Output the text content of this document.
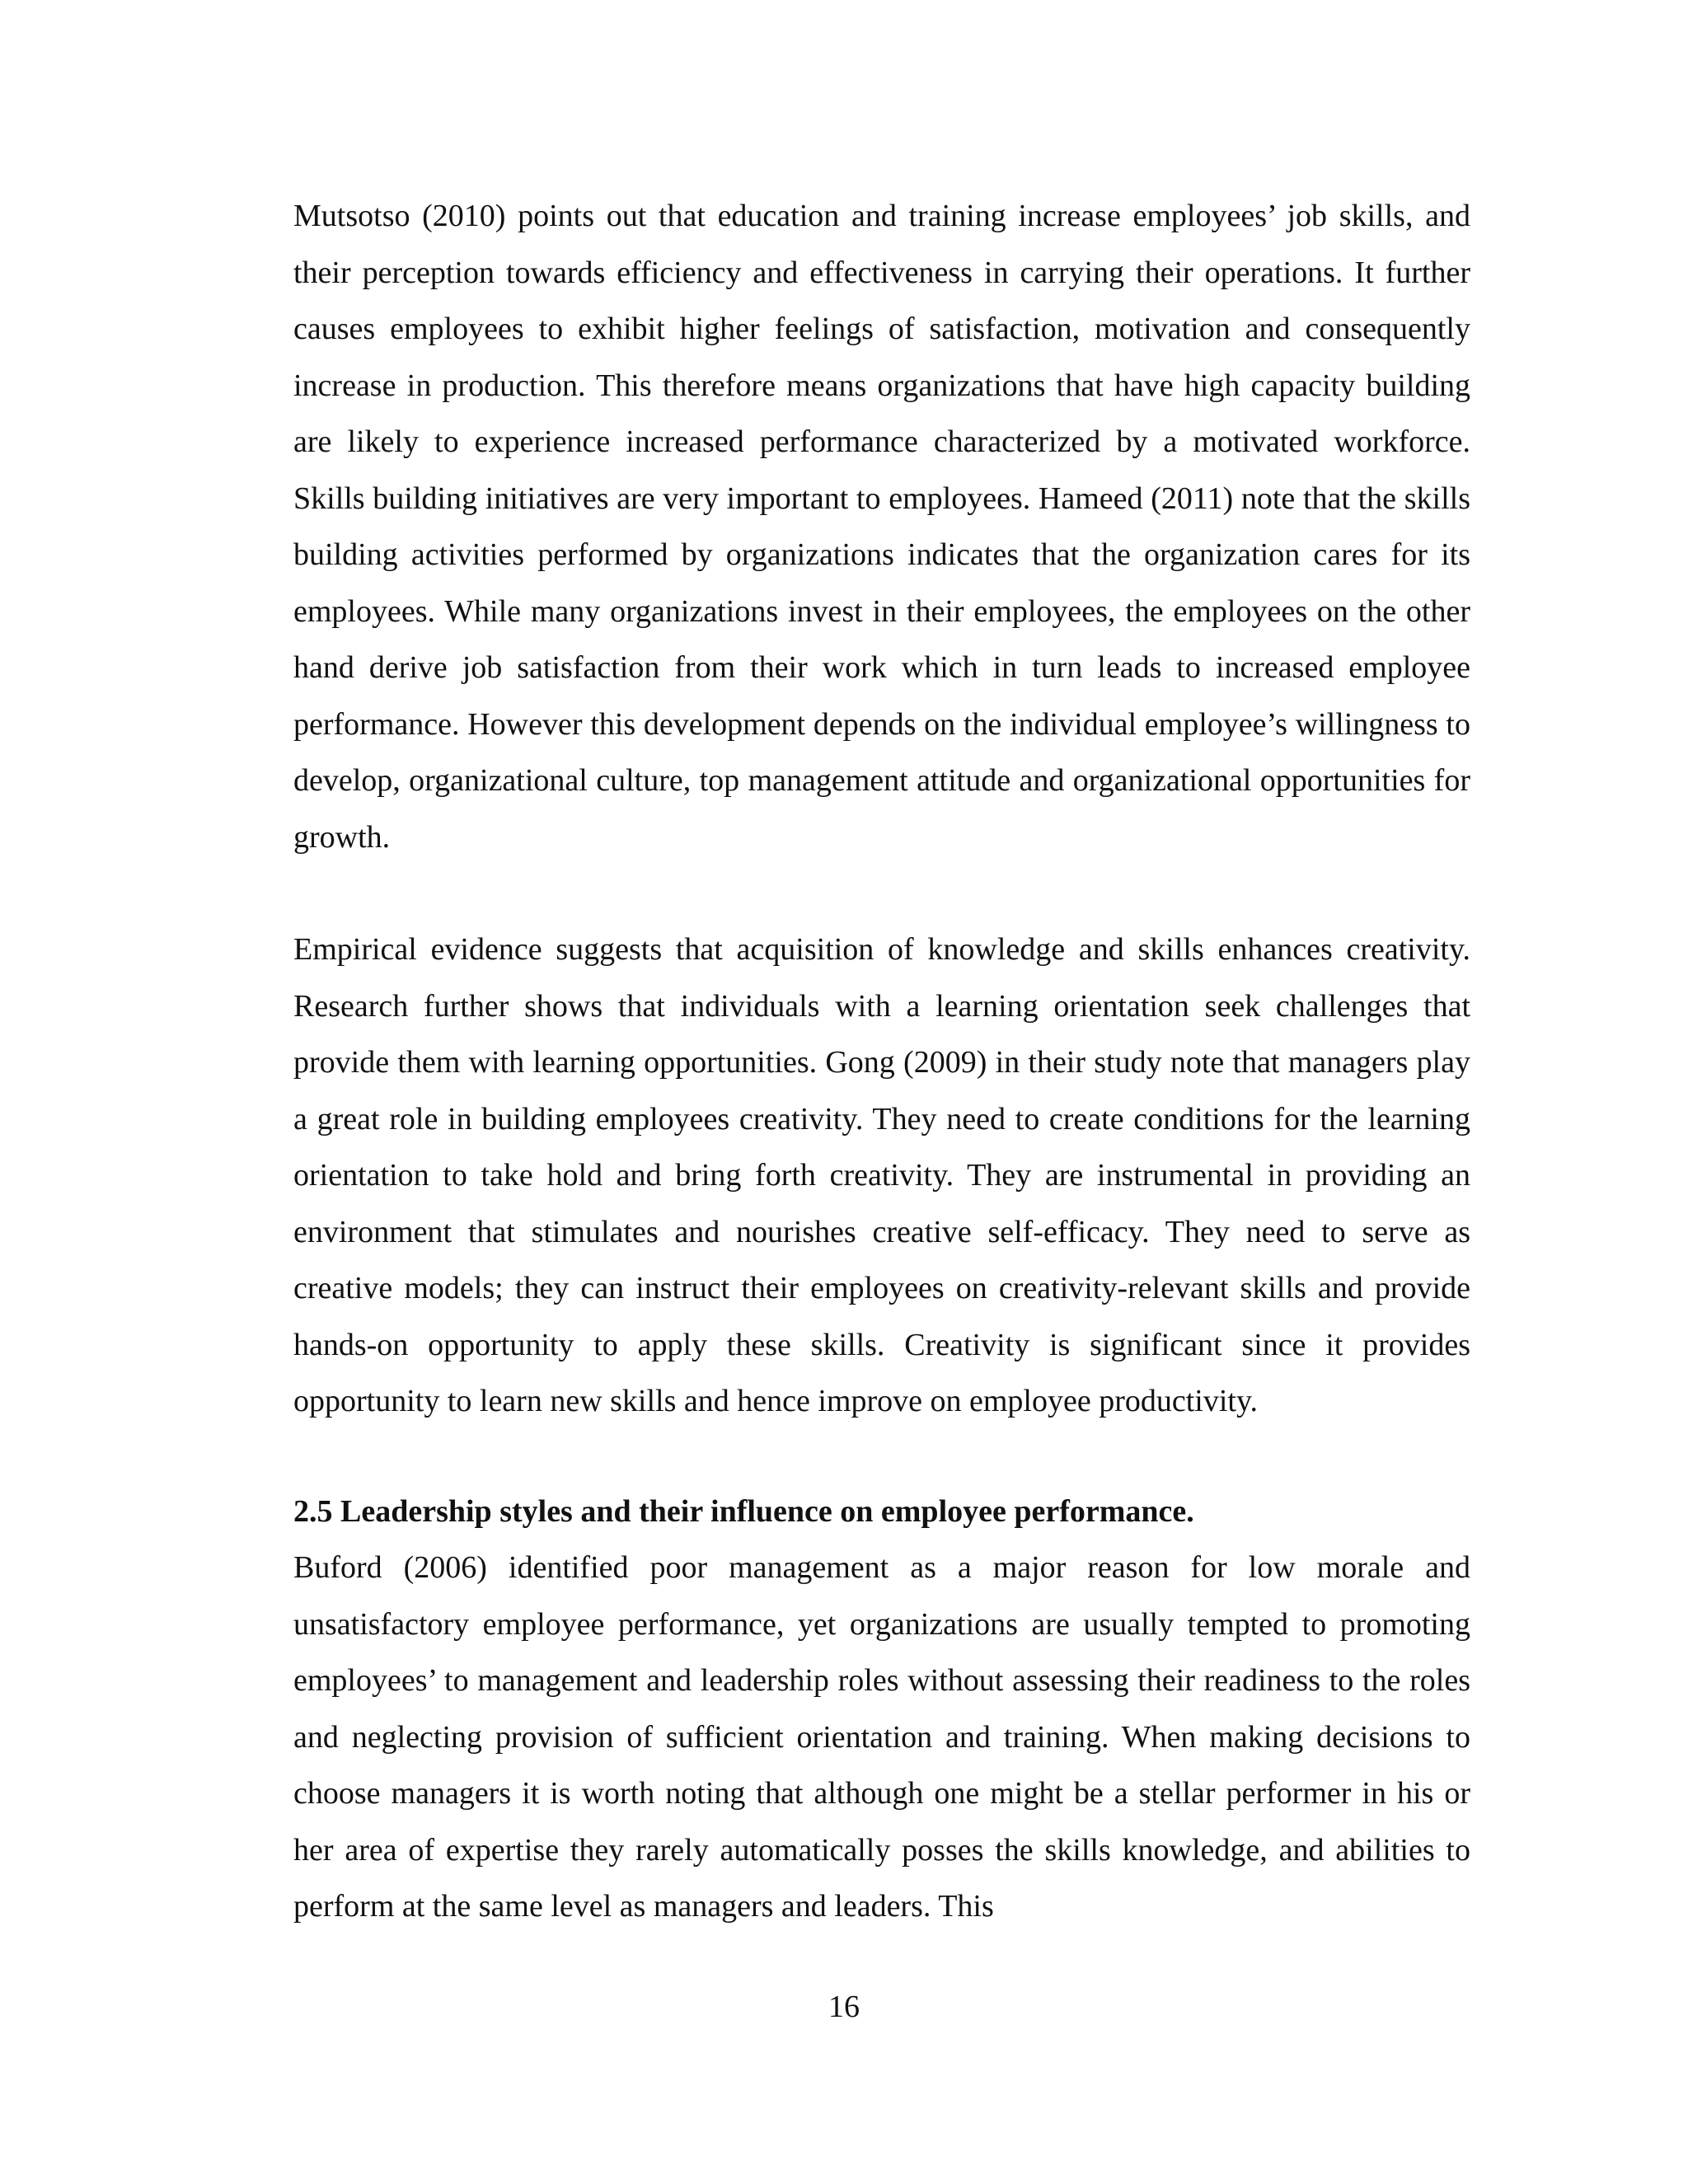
Mutsotso (2010) points out that education and training increase employees’ job skills, and their perception towards efficiency and effectiveness in carrying their operations. It further causes employees to exhibit higher feelings of satisfaction, motivation and consequently increase in production. This therefore means organizations that have high capacity building are likely to experience increased performance characterized by a motivated workforce. Skills building initiatives are very important to employees. Hameed (2011) note that the skills building activities performed by organizations indicates that the organization cares for its employees. While many organizations invest in their employees, the employees on the other hand derive job satisfaction from their work which in turn leads to increased employee performance. However this development depends on the individual employee’s willingness to develop, organizational culture, top management attitude and organizational opportunities for growth.

Empirical evidence suggests that acquisition of knowledge and skills enhances creativity. Research further shows that individuals with a learning orientation seek challenges that provide them with learning opportunities. Gong (2009) in their study note that managers play a great role in building employees creativity. They need to create conditions for the learning orientation to take hold and bring forth creativity. They are instrumental in providing an environment that stimulates and nourishes creative self-efficacy. They need to serve as creative models; they can instruct their employees on creativity-relevant skills and provide hands-on opportunity to apply these skills. Creativity is significant since it provides opportunity to learn new skills and hence improve on employee productivity.

2.5 Leadership styles and their influence on employee performance.

Buford (2006) identified poor management as a major reason for low morale and unsatisfactory employee performance, yet organizations are usually tempted to promoting employees’ to management and leadership roles without assessing their readiness to the roles and neglecting provision of sufficient orientation and training. When making decisions to choose managers it is worth noting that although one might be a stellar performer in his or her area of expertise they rarely automatically posses the skills knowledge, and abilities to perform at the same level as managers and leaders. This

16
